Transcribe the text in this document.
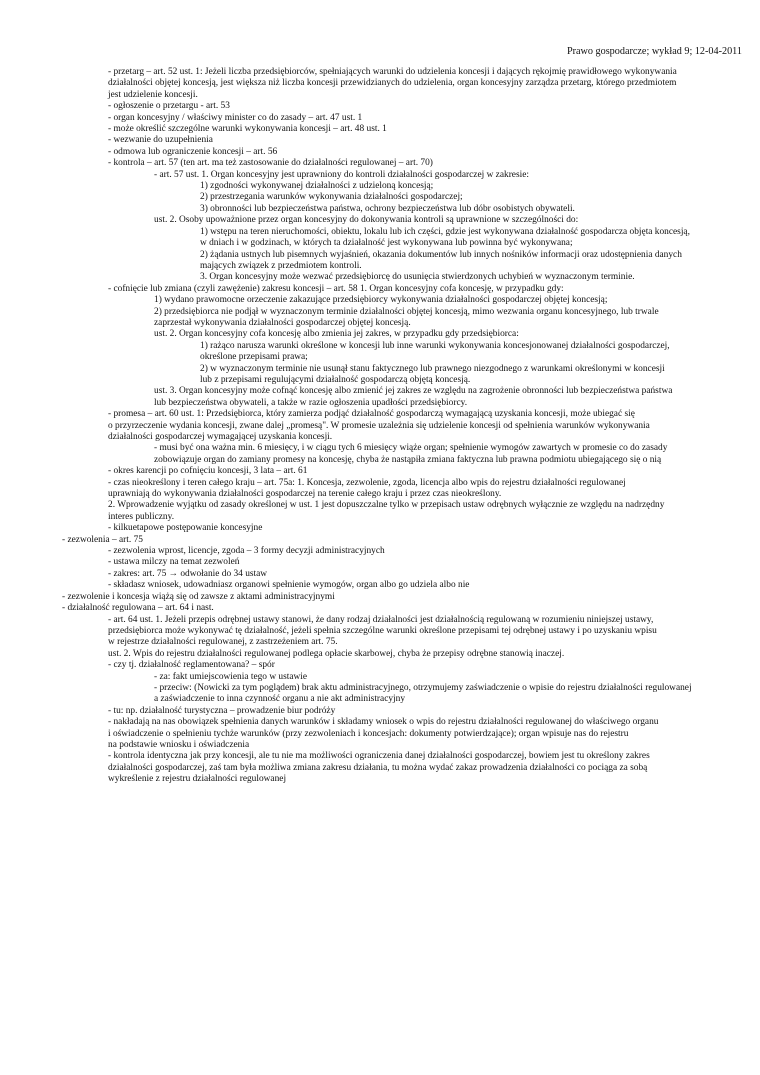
Prawo gospodarcze; wykład 9; 12-04-2011
- przetarg – art. 52 ust. 1: Jeżeli liczba przedsiębiorców, spełniających warunki do udzielenia koncesji i dających rękojmię prawidłowego wykonywania
działalności objętej koncesją, jest większa niż liczba koncesji przewidzianych do udzielenia, organ koncesyjny zarządza przetarg, którego przedmiotem
jest udzielenie koncesji.
- ogłoszenie o przetargu - art. 53
- organ koncesyjny / właściwy minister co do zasady – art. 47 ust. 1
- może określić szczególne warunki wykonywania koncesji – art. 48 ust. 1
- wezwanie do uzupełnienia
- odmowa lub ograniczenie koncesji – art. 56
- kontrola – art. 57 (ten art. ma też zastosowanie do działalności regulowanej – art. 70)
- art. 57 ust. 1. Organ koncesyjny jest uprawniony do kontroli działalności gospodarczej w zakresie:
1) zgodności wykonywanej działalności z udzieloną koncesją;
2) przestrzegania warunków wykonywania działalności gospodarczej;
3) obronności lub bezpieczeństwa państwa, ochrony bezpieczeństwa lub dóbr osobistych obywateli.
ust. 2. Osoby upoważnione przez organ koncesyjny do dokonywania kontroli są uprawnione w szczególności do:
1) wstępu na teren nieruchomości, obiektu, lokalu lub ich części, gdzie jest wykonywana działalność gospodarcza objęta koncesją,
w dniach i w godzinach, w których ta działalność jest wykonywana lub powinna być wykonywana;
2) żądania ustnych lub pisemnych wyjaśnień, okazania dokumentów lub innych nośników informacji oraz udostępnienia danych
mających związek z przedmiotem kontroli.
3. Organ koncesyjny może wezwać przedsiębiorcę do usunięcia stwierdzonych uchybień w wyznaczonym terminie.
- cofnięcie lub zmiana (czyli zawężenie) zakresu koncesji – art. 58 1. Organ koncesyjny cofa koncesję, w przypadku gdy:
1) wydano prawomocne orzeczenie zakazujące przedsiębiorcy wykonywania działalności gospodarczej objętej koncesją;
2) przedsiębiorca nie podjął w wyznaczonym terminie działalności objętej koncesją, mimo wezwania organu koncesyjnego, lub trwale
zaprzestał wykonywania działalności gospodarczej objętej koncesją.
ust. 2. Organ koncesyjny cofa koncesję albo zmienia jej zakres, w przypadku gdy przedsiębiorca:
1) rażąco narusza warunki określone w koncesji lub inne warunki wykonywania koncesjonowanej działalności gospodarczej,
określone przepisami prawa;
2) w wyznaczonym terminie nie usunął stanu faktycznego lub prawnego niezgodnego z warunkami określonymi w koncesji
lub z przepisami regulującymi działalność gospodarczą objętą koncesją.
ust. 3. Organ koncesyjny może cofnąć koncesję albo zmienić jej zakres ze względu na zagrożenie obronności lub bezpieczeństwa państwa
lub bezpieczeństwa obywateli, a także w razie ogłoszenia upadłości przedsiębiorcy.
- promesa – art. 60 ust. 1: Przedsiębiorca, który zamierza podjąć działalność gospodarczą wymagającą uzyskania koncesji, może ubiegać się
o przyrzeczenie wydania koncesji, zwane dalej „promesą". W promesie uzależnia się udzielenie koncesji od spełnienia warunków wykonywania
działalności gospodarczej wymagającej uzyskania koncesji.
- musi być ona ważna min. 6 miesięcy, i w ciągu tych 6 miesięcy wiąże organ; spełnienie wymogów zawartych w promesie co do zasady
zobowiązuje organ do zamiany promesy na koncesję, chyba że nastąpiła zmiana faktyczna lub prawna podmiotu ubiegającego się o nią
- okres karencji po cofnięciu koncesji, 3 lata – art. 61
- czas nieokreślony i teren całego kraju – art. 75a: 1. Koncesja, zezwolenie, zgoda, licencja albo wpis do rejestru działalności regulowanej
uprawniają do wykonywania działalności gospodarczej na terenie całego kraju i przez czas nieokreślony.
2. Wprowadzenie wyjątku od zasady określonej w ust. 1 jest dopuszczalne tylko w przepisach ustaw odrębnych wyłącznie ze względu na nadrzędny
interes publiczny.
- kilkuetapowe postępowanie koncesyjne
- zezwolenia – art. 75
- zezwolenia wprost, licencje, zgoda – 3 formy decyzji administracyjnych
- ustawa milczy na temat zezwoleń
- zakres: art. 75 → odwołanie do 34 ustaw
- składasz wniosek, udowadniasz organowi spełnienie wymogów, organ albo go udziela albo nie
- zezwolenie i koncesja wiążą się od zawsze z aktami administracyjnymi
- działalność regulowana – art. 64 i nast.
- art. 64 ust. 1. Jeżeli przepis odrębnej ustawy stanowi, że dany rodzaj działalności jest działalnością regulowaną w rozumieniu niniejszej ustawy,
przedsiębiorca może wykonywać tę działalność, jeżeli spełnia szczególne warunki określone przepisami tej odrębnej ustawy i po uzyskaniu wpisu
w rejestrze działalności regulowanej, z zastrzeżeniem art. 75.
ust. 2. Wpis do rejestru działalności regulowanej podlega opłacie skarbowej, chyba że przepisy odrębne stanowią inaczej.
- czy tj. działalność reglamentowana? – spór
- za: fakt umiejscowienia tego w ustawie
- przeciw: (Nowicki za tym poglądem) brak aktu administracyjnego, otrzymujemy zaświadczenie o wpisie do rejestru działalności regulowanej
a zaświadczenie to inna czynność organu a nie akt administracyjny
- tu: np. działalność turystyczna – prowadzenie biur podróży
- nakładają na nas obowiązek spełnienia danych warunków i składamy wniosek o wpis do rejestru działalności regulowanej do właściwego organu
i oświadczenie o spełnieniu tychże warunków (przy zezwoleniach i koncesjach: dokumenty potwierdzające); organ wpisuje nas do rejestru
na podstawie wniosku i oświadczenia
- kontrola identyczna jak przy koncesji, ale tu nie ma możliwości ograniczenia danej działalności gospodarczej, bowiem jest tu określony zakres
działalności gospodarczej, zaś tam była możliwa zmiana zakresu działania, tu można wydać zakaz prowadzenia działalności co pociąga za sobą
wykreślenie z rejestru działalności regulowanej
